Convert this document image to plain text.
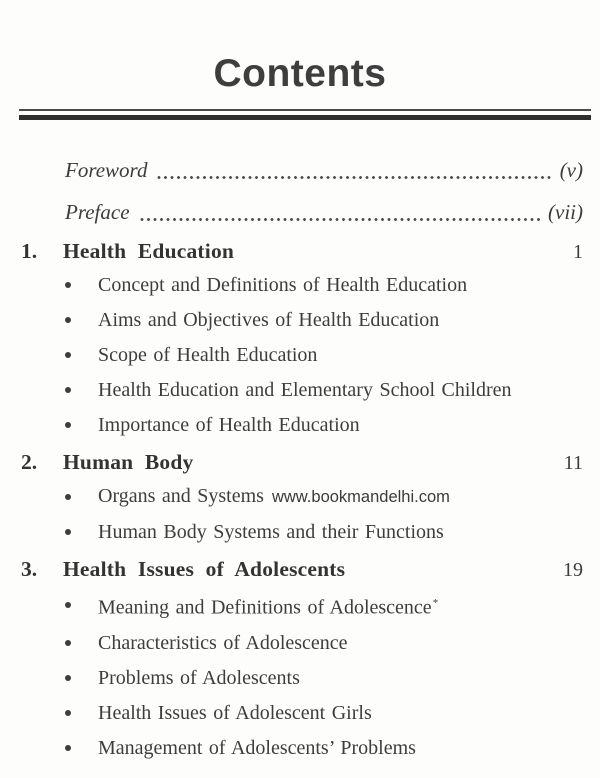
Contents
Foreword	(v)
Preface	(vii)
1.	Health Education	1
Concept and Definitions of Health Education
Aims and Objectives of Health Education
Scope of Health Education
Health Education and Elementary School Children
Importance of Health Education
2.	Human Body	11
Organs and Systems www.bookmandelhi.com
Human Body Systems and their Functions
3.	Health Issues of Adolescents	19
Meaning and Definitions of Adolescence*
Characteristics of Adolescence
Problems of Adolescents
Health Issues of Adolescent Girls
Management of Adolescents’ Problems
